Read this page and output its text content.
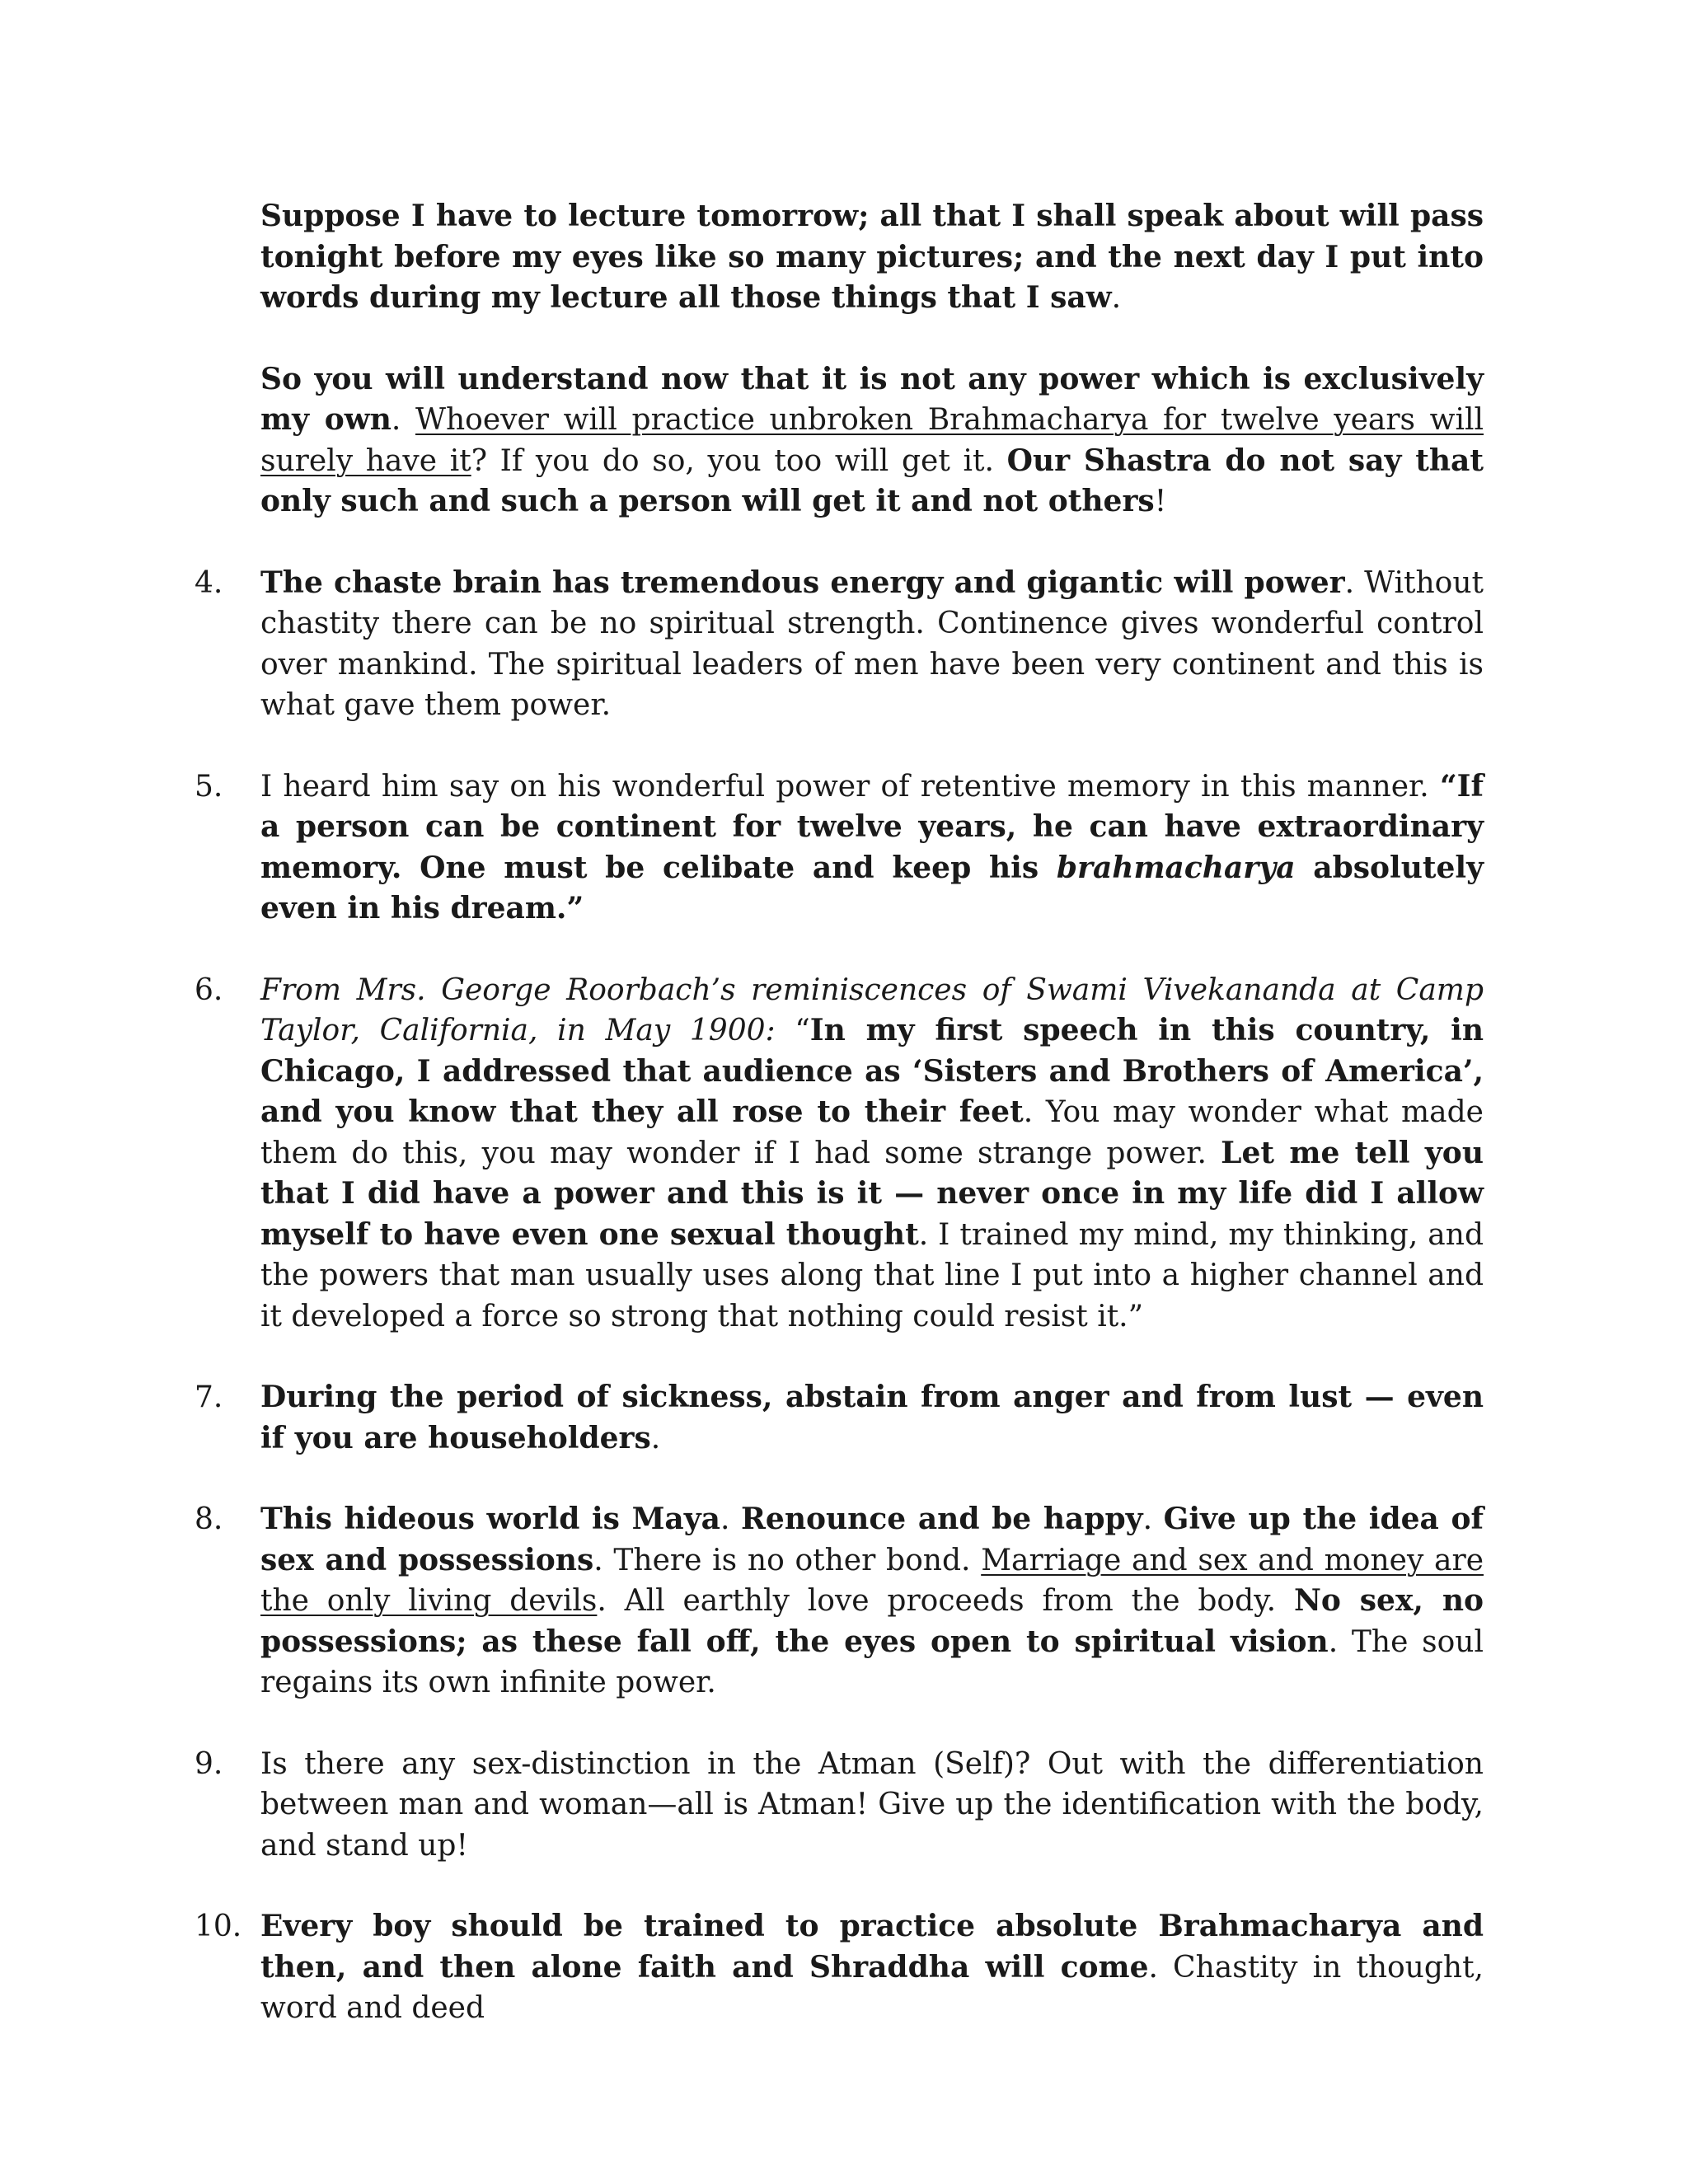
Suppose I have to lecture tomorrow; all that I shall speak about will pass tonight before my eyes like so many pictures; and the next day I put into words during my lecture all those things that I saw.

So you will understand now that it is not any power which is exclusively my own. Whoever will practice unbroken Brahmacharya for twelve years will surely have it? If you do so, you too will get it. Our Shastra do not say that only such and such a person will get it and not others!

4. The chaste brain has tremendous energy and gigantic will power. Without chastity there can be no spiritual strength. Continence gives wonderful control over mankind. The spiritual leaders of men have been very continent and this is what gave them power.
5. I heard him say on his wonderful power of retentive memory in this manner. “If a person can be continent for twelve years, he can have extraordinary memory. One must be celibate and keep his brahmacharya absolutely even in his dream.”
6. From Mrs. George Roorbach’s reminiscences of Swami Vivekananda at Camp Taylor, California, in May 1900: “In my first speech in this country, in Chicago, I addressed that audience as ‘Sisters and Brothers of America’, and you know that they all rose to their feet. You may wonder what made them do this, you may wonder if I had some strange power. Let me tell you that I did have a power and this is it — never once in my life did I allow myself to have even one sexual thought. I trained my mind, my thinking, and the powers that man usually uses along that line I put into a higher channel and it developed a force so strong that nothing could resist it.”
7. During the period of sickness, abstain from anger and from lust — even if you are householders.
8. This hideous world is Maya. Renounce and be happy. Give up the idea of sex and possessions. There is no other bond. Marriage and sex and money are the only living devils. All earthly love proceeds from the body. No sex, no possessions; as these fall off, the eyes open to spiritual vision. The soul regains its own infinite power.
9. Is there any sex-distinction in the Atman (Self)? Out with the differentiation between man and woman—all is Atman! Give up the identification with the body, and stand up!
10. Every boy should be trained to practice absolute Brahmacharya and then, and then alone faith and Shraddha will come. Chastity in thought, word and deed
